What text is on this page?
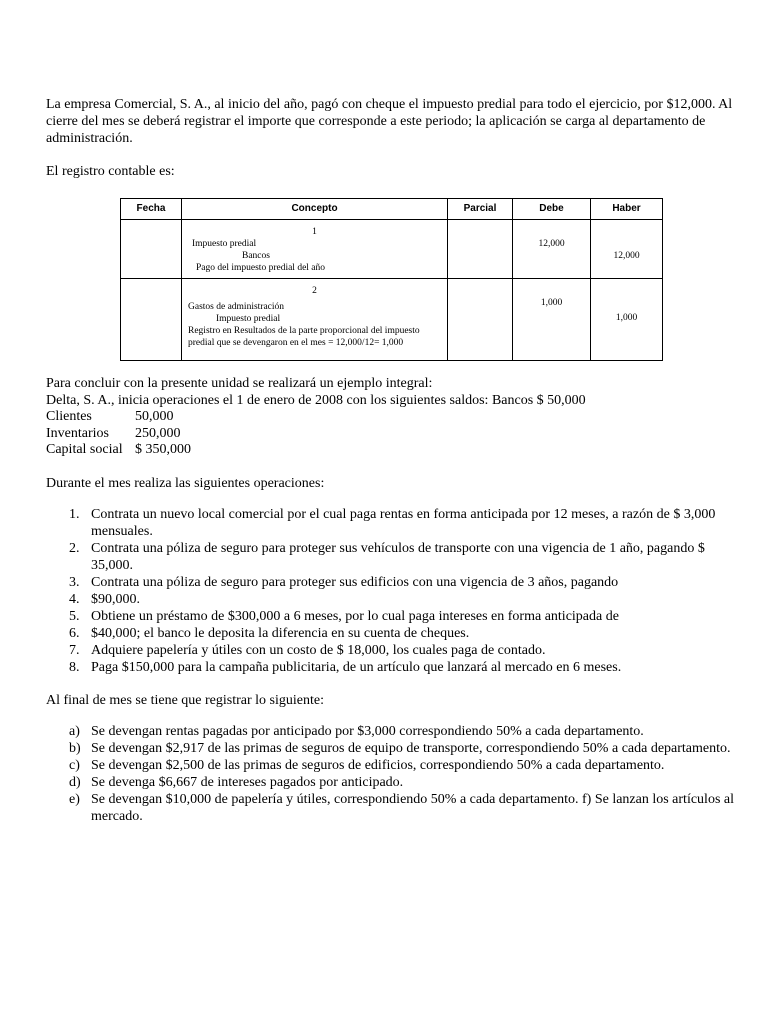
La empresa Comercial, S. A., al inicio del año, pagó con cheque el impuesto predial para todo el ejercicio, por $12,000. Al cierre del mes se deberá registrar el importe que corresponde a este periodo; la aplicación se carga al departamento de administración.

El registro contable es:

Fecha	Concepto	Parcial	Debe	Haber

	1
Impuesto predial
Bancos
Pago del impuesto predial del año		12,000	12,000

	2
Gastos de administración
Impuesto predial
Registro en Resultados de la parte proporcional del impuesto
predial que se devengaron en el mes = 12,000/12= 1,000		1,000	1,000

Para concluir con la presente unidad se realizará un ejemplo integral:

Delta, S. A., inicia operaciones el 1 de enero de 2008 con los siguientes saldos: Bancos $ 50,000

Clientes	50,000
Inventarios	250,000
Capital social $ 350,000

Durante el mes realiza las siguientes operaciones:

1. Contrata un nuevo local comercial por el cual paga rentas en forma anticipada por 12 meses, a razón de $ 3,000 mensuales.
2. Contrata una póliza de seguro para proteger sus vehículos de transporte con una vigencia de 1 año, pagando $ 35,000.
3. Contrata una póliza de seguro para proteger sus edificios con una vigencia de 3 años, pagando
4. $90,000.
5. Obtiene un préstamo de $300,000 a 6 meses, por lo cual paga intereses en forma anticipada de
6. $40,000; el banco le deposita la diferencia en su cuenta de cheques.
7. Adquiere papelería y útiles con un costo de $ 18,000, los cuales paga de contado.
8. Paga $150,000 para la campaña publicitaria, de un artículo que lanzará al mercado en 6 meses.

Al final de mes se tiene que registrar lo siguiente:

a) Se devengan rentas pagadas por anticipado por $3,000 correspondiendo 50% a cada departamento.
b) Se devengan $2,917 de las primas de seguros de equipo de transporte, correspondiendo 50% a cada departamento.
c) Se devengan $2,500 de las primas de seguros de edificios, correspondiendo 50% a cada departamento.
d) Se devenga $6,667 de intereses pagados por anticipado.
e) Se devengan $10,000 de papelería y útiles, correspondiendo 50% a cada departamento. f) Se lanzan los artículos al mercado.
